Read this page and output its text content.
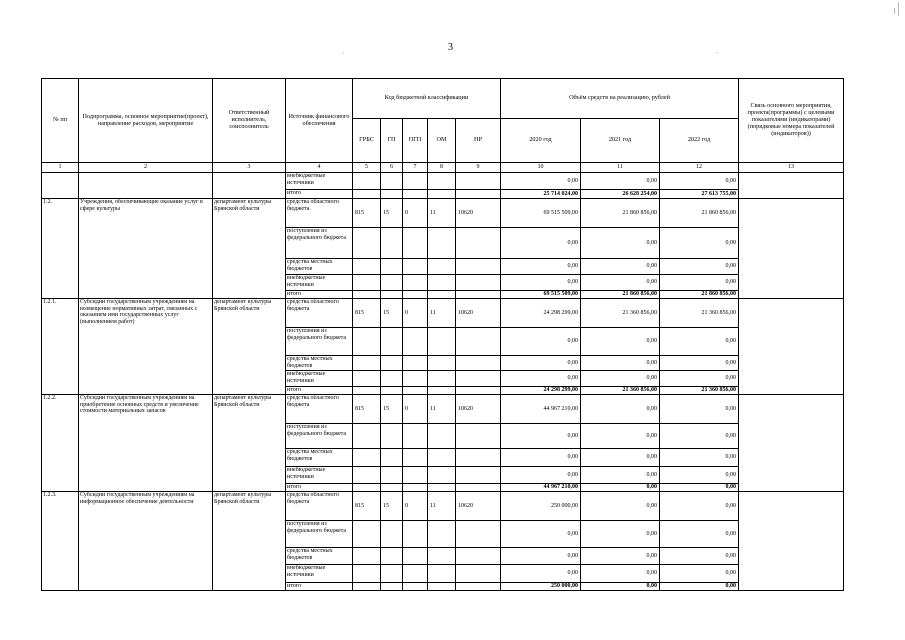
3
.	.
№ пп	Подпрограмма, основное мероприятие(проект), направление расходов, мероприятие	Ответственный исполнитель, соисполнитель	Источник финансового обеспечения	Код бюджетной классификации					Объём средств на реализацию, рублей			Связь основного мероприятия, проекта(программы) с целевыми показателями (индикаторами) (порядковые номера показателей (индикаторов))
				ГРБС	ГП	ПГП	ОМ	НР	2020 год	2021 год	2022 год	
1	2	3	4	5	6	7	8	9	10	11	12	13
			внебюджетные источники						0,00	0,00	0,00	
			итого						25 714 024,00	26 628 254,00	27 613 755,00	
1.2.	Учреждения, обеспечивающие оказание услуг в сфере культуры	департамент культуры Брянской области	средства областного бюджета	815	15	0	11	10620	69 515 509,00	21 860 856,00	21 860 856,00	
			поступления из федерального бюджета						0,00	0,00	0,00	
			средства местных бюджетов						0,00	0,00	0,00	
			внебюджетные источники						0,00	0,00	0,00	
			итого						69 515 509,00	21 860 856,00	21 860 856,00	
1.2.1.	Субсидии государственным учреждениям на возмещение нормативных затрат, связанных с оказанием ими государственных услуг (выполнением работ)	департамент культуры Брянской области	средства областного бюджета	815	15	0	11	10620	24 298 299,00	21 360 856,00	21 360 856,00	
			поступления из федерального бюджета						0,00	0,00	0,00	
			средства местных бюджетов						0,00	0,00	0,00	
			внебюджетные источники						0,00	0,00	0,00	
			итого						24 298 299,00	21 360 856,00	21 360 856,00	
1.2.2.	Субсидии государственным учреждениям на приобретение основных средств и увеличение стоимости материальных запасов	департамент культуры Брянской области	средства областного бюджета	815	15	0	11	10620	44 967 210,00	0,00	0,00	
			поступления из федерального бюджета						0,00	0,00	0,00	
			средства местных бюджетов						0,00	0,00	0,00	
			внебюджетные источники						0,00	0,00	0,00	
			итого						44 967 210,00	0,00	0,00	
1.2.3.	Субсидии государственным учреждениям на информационное обеспечение деятельности	департамент культуры Брянской области	средства областного бюджета	815	15	0	11	10620	250 000,00	0,00	0,00	
			поступления из федерального бюджета						0,00	0,00	0,00	
			средства местных бюджетов						0,00	0,00	0,00	
			внебюджетные источники						0,00	0,00	0,00	
			итого						250 000,00	0,00	0,00	
